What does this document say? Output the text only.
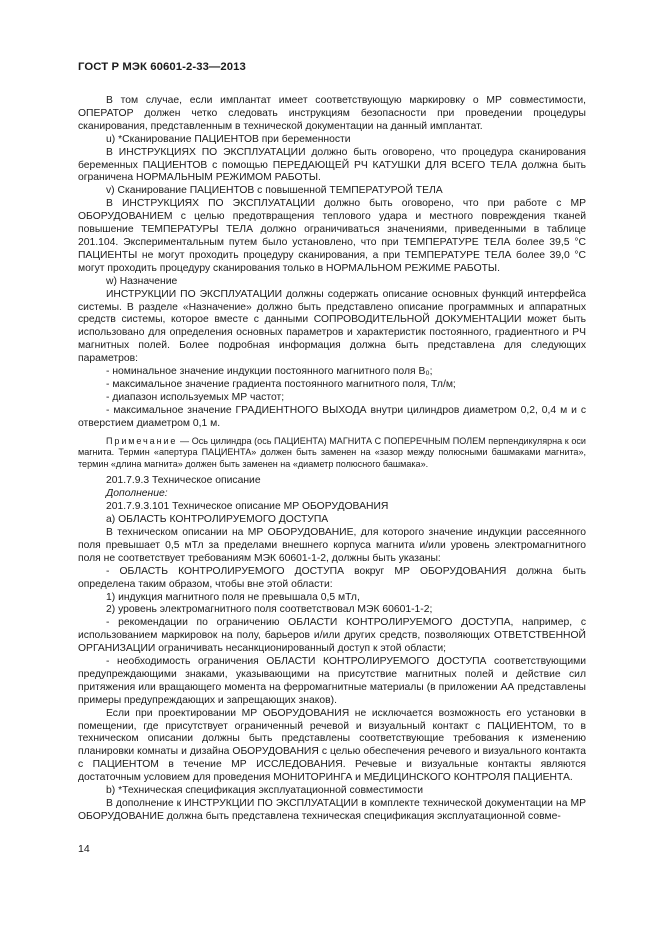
ГОСТ Р МЭК 60601-2-33—2013

В том случае, если имплантат имеет соответствующую маркировку о МР совместимости, ОПЕРАТОР должен четко следовать инструкциям безопасности при проведении процедуры сканирования, представленным в технической документации на данный имплантат.

u) *Сканирование ПАЦИЕНТОВ при беременности

В ИНСТРУКЦИЯХ ПО ЭКСПЛУАТАЦИИ должно быть оговорено, что процедура сканирования беременных ПАЦИЕНТОВ с помощью ПЕРЕДАЮЩЕЙ РЧ КАТУШКИ ДЛЯ ВСЕГО ТЕЛА должна быть ограничена НОРМАЛЬНЫМ РЕЖИМОМ РАБОТЫ.

v) Сканирование ПАЦИЕНТОВ с повышенной ТЕМПЕРАТУРОЙ ТЕЛА

В ИНСТРУКЦИЯХ ПО ЭКСПЛУАТАЦИИ должно быть оговорено, что при работе с МР ОБОРУДОВАНИЕМ с целью предотвращения теплового удара и местного повреждения тканей повышение ТЕМПЕРАТУРЫ ТЕЛА должно ограничиваться значениями, приведенными в таблице 201.104. Экспериментальным путем было установлено, что при ТЕМПЕРАТУРЕ ТЕЛА более 39,5 °С ПАЦИЕНТЫ не могут проходить процедуру сканирования, а при ТЕМПЕРАТУРЕ ТЕЛА более 39,0 °С могут проходить процедуру сканирования только в НОРМАЛЬНОМ РЕЖИМЕ РАБОТЫ.

w) Назначение

ИНСТРУКЦИИ ПО ЭКСПЛУАТАЦИИ должны содержать описание основных функций интерфейса системы. В разделе «Назначение» должно быть представлено описание программных и аппаратных средств системы, которое вместе с данными СОПРОВОДИТЕЛЬНОЙ ДОКУМЕНТАЦИИ может быть использовано для определения основных параметров и характеристик постоянного, градиентного и РЧ магнитных полей. Более подробная информация должна быть представлена для следующих параметров:

- номинальное значение индукции постоянного магнитного поля B₀;

- максимальное значение градиента постоянного магнитного поля, Тл/м;

- диапазон используемых МР частот;

- максимальное значение ГРАДИЕНТНОГО ВЫХОДА внутри цилиндров диаметром 0,2, 0,4 м и с отверстием диаметром 0,1 м.

Примечание — Ось цилиндра (ось ПАЦИЕНТА) МАГНИТА С ПОПЕРЕЧНЫМ ПОЛЕМ перпендикулярна к оси магнита. Термин «апертура ПАЦИЕНТА» должен быть заменен на «зазор между полюсными башмаками магнита», термин «длина магнита» должен быть заменен на «диаметр полюсного башмака».

201.7.9.3 Техническое описание

Дополнение:

201.7.9.3.101 Техническое описание МР ОБОРУДОВАНИЯ

а) ОБЛАСТЬ КОНТРОЛИРУЕМОГО ДОСТУПА

В техническом описании на МР ОБОРУДОВАНИЕ, для которого значение индукции рассеянного поля превышает 0,5 мТл за пределами внешнего корпуса магнита и/или уровень электромагнитного поля не соответствует требованиям МЭК 60601-1-2, должны быть указаны:

- ОБЛАСТЬ КОНТРОЛИРУЕМОГО ДОСТУПА вокруг МР ОБОРУДОВАНИЯ должна быть определена таким образом, чтобы вне этой области:

1) индукция магнитного поля не превышала 0,5 мТл,

2) уровень электромагнитного поля соответствовал МЭК 60601-1-2;

- рекомендации по ограничению ОБЛАСТИ КОНТРОЛИРУЕМОГО ДОСТУПА, например, с использованием маркировок на полу, барьеров и/или других средств, позволяющих ОТВЕТСТВЕННОЙ ОРГАНИЗАЦИИ ограничивать несанкционированный доступ к этой области;

- необходимость ограничения ОБЛАСТИ КОНТРОЛИРУЕМОГО ДОСТУПА соответствующими предупреждающими знаками, указывающими на присутствие магнитных полей и действие сил притяжения или вращающего момента на ферромагнитные материалы (в приложении АА представлены примеры предупреждающих и запрещающих знаков).

Если при проектировании МР ОБОРУДОВАНИЯ не исключается возможность его установки в помещении, где присутствует ограниченный речевой и визуальный контакт с ПАЦИЕНТОМ, то в техническом описании должны быть представлены соответствующие требования к изменению планировки комнаты и дизайна ОБОРУДОВАНИЯ с целью обеспечения речевого и визуального контакта с ПАЦИЕНТОМ в течение МР ИССЛЕДОВАНИЯ. Речевые и визуальные контакты являются достаточным условием для проведения МОНИТОРИНГА и МЕДИЦИНСКОГО КОНТРОЛЯ ПАЦИЕНТА.

b) *Техническая спецификация эксплуатационной совместимости

В дополнение к ИНСТРУКЦИИ ПО ЭКСПЛУАТАЦИИ в комплекте технической документации на МР ОБОРУДОВАНИЕ должна быть представлена техническая спецификация эксплуатационной совме-

14
